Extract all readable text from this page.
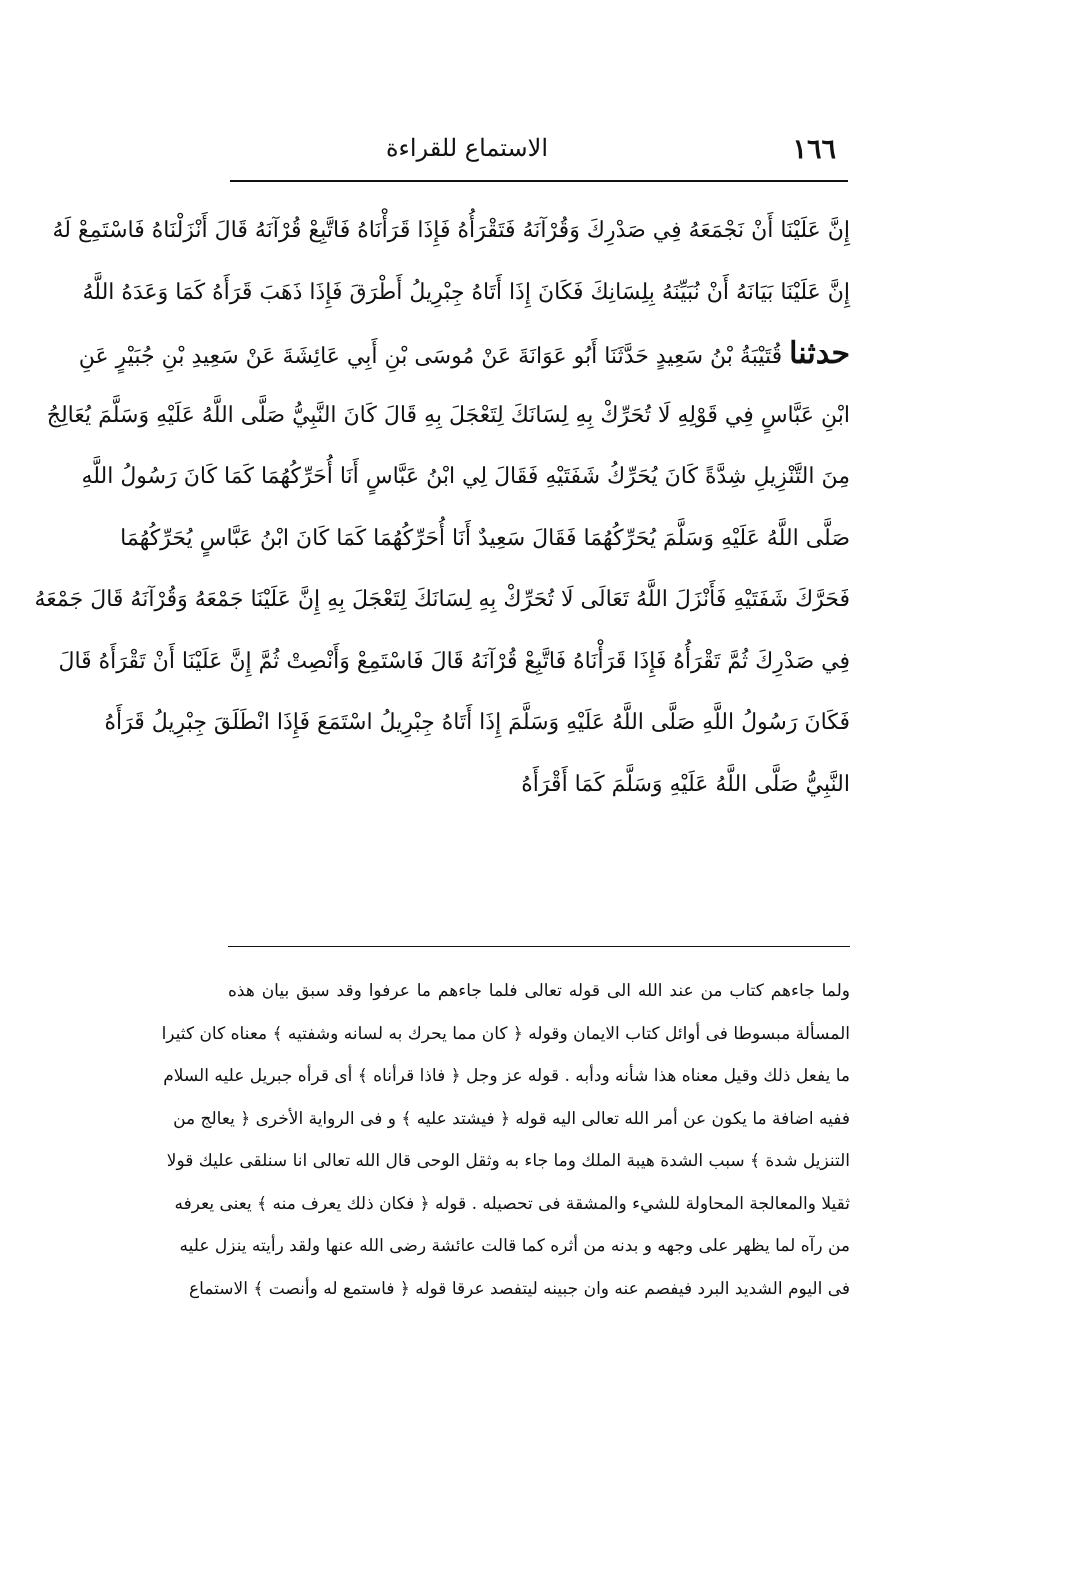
١٦٦
الاستماع للقراءة
إِنَّ عَلَيْنَا أَنْ نَجْمَعَهُ فِي صَدْرِكَ وَقُرْآنَهُ فَتَقْرَأُهُ فَإِذَا قَرَأْنَاهُ فَاتَّبِعْ قُرْآنَهُ قَالَ أَنْزَلْنَاهُ فَاسْتَمِعْ لَهُ
إِنَّ عَلَيْنَا بَيَانَهُ أَنْ نُبَيِّنَهُ بِلِسَانِكَ فَكَانَ إِذَا أَتَاهُ جِبْرِيلُ أَطْرَقَ فَإِذَا ذَهَبَ قَرَأَهُ كَمَا وَعَدَهُ اللَّهُ
حدثنا قُتَيْبَةُ بْنُ سَعِيدٍ حَدَّثَنَا أَبُو عَوَانَةَ عَنْ مُوسَى بْنِ أَبِي عَائِشَةَ عَنْ سَعِيدِ بْنِ جُبَيْرٍ عَنِ
ابْنِ عَبَّاسٍ فِي قَوْلِهِ لَا تُحَرِّكْ بِهِ لِسَانَكَ لِتَعْجَلَ بِهِ قَالَ كَانَ النَّبِيُّ صَلَّى اللَّهُ عَلَيْهِ وَسَلَّمَ يُعَالِجُ
مِنَ التَّنْزِيلِ شِدَّةً كَانَ يُحَرِّكُ شَفَتَيْهِ فَقَالَ لِي ابْنُ عَبَّاسٍ أَنَا أُحَرِّكُهُمَا كَمَا كَانَ رَسُولُ اللَّهِ
صَلَّى اللَّهُ عَلَيْهِ وَسَلَّمَ يُحَرِّكُهُمَا فَقَالَ سَعِيدٌ أَنَا أُحَرِّكُهُمَا كَمَا كَانَ ابْنُ عَبَّاسٍ يُحَرِّكُهُمَا
فَحَرَّكَ شَفَتَيْهِ فَأَنْزَلَ اللَّهُ تَعَالَى لَا تُحَرِّكْ بِهِ لِسَانَكَ لِتَعْجَلَ بِهِ إِنَّ عَلَيْنَا جَمْعَهُ وَقُرْآنَهُ قَالَ جَمْعَهُ
فِي صَدْرِكَ ثُمَّ تَقْرَأُهُ فَإِذَا قَرَأْنَاهُ فَاتَّبِعْ قُرْآنَهُ قَالَ فَاسْتَمِعْ وَأَنْصِتْ ثُمَّ إِنَّ عَلَيْنَا أَنْ تَقْرَأَهُ قَالَ
فَكَانَ رَسُولُ اللَّهِ صَلَّى اللَّهُ عَلَيْهِ وَسَلَّمَ إِذَا أَتَاهُ جِبْرِيلُ اسْتَمَعَ فَإِذَا انْطَلَقَ جِبْرِيلُ قَرَأَهُ
النَّبِيُّ صَلَّى اللَّهُ عَلَيْهِ وَسَلَّمَ كَمَا أَقْرَأَهُ
ولما جاءهم كتاب من عند الله الى قوله تعالى فلما جاءهم ما عرفوا وقد سبق بيان هذه
المسألة مبسوطا فى أوائل كتاب الايمان وقوله ﴿ كان مما يحرك به لسانه وشفتيه ﴾ معناه كان كثيرا
ما يفعل ذلك وقيل معناه هذا شأنه ودأبه . قوله عز وجل ﴿ فاذا قرأناه ﴾ أى قرأه جبريل عليه السلام
ففيه اضافة ما يكون عن أمر الله تعالى اليه قوله ﴿ فيشتد عليه ﴾ و فى الرواية الأخرى ﴿ يعالج من
التنزيل شدة ﴾ سبب الشدة هيبة الملك وما جاء به وثقل الوحى قال الله تعالى انا سنلقى عليك قولا
ثقيلا والمعالجة المحاولة للشيء والمشقة فى تحصيله . قوله ﴿ فكان ذلك يعرف منه ﴾ يعنى يعرفه
من رآه لما يظهر على وجهه و بدنه من أثره كما قالت عائشة رضى الله عنها ولقد رأيته ينزل عليه
فى اليوم الشديد البرد فيفصم عنه وان جبينه ليتفصد عرقا قوله ﴿ فاستمع له وأنصت ﴾ الاستماع
